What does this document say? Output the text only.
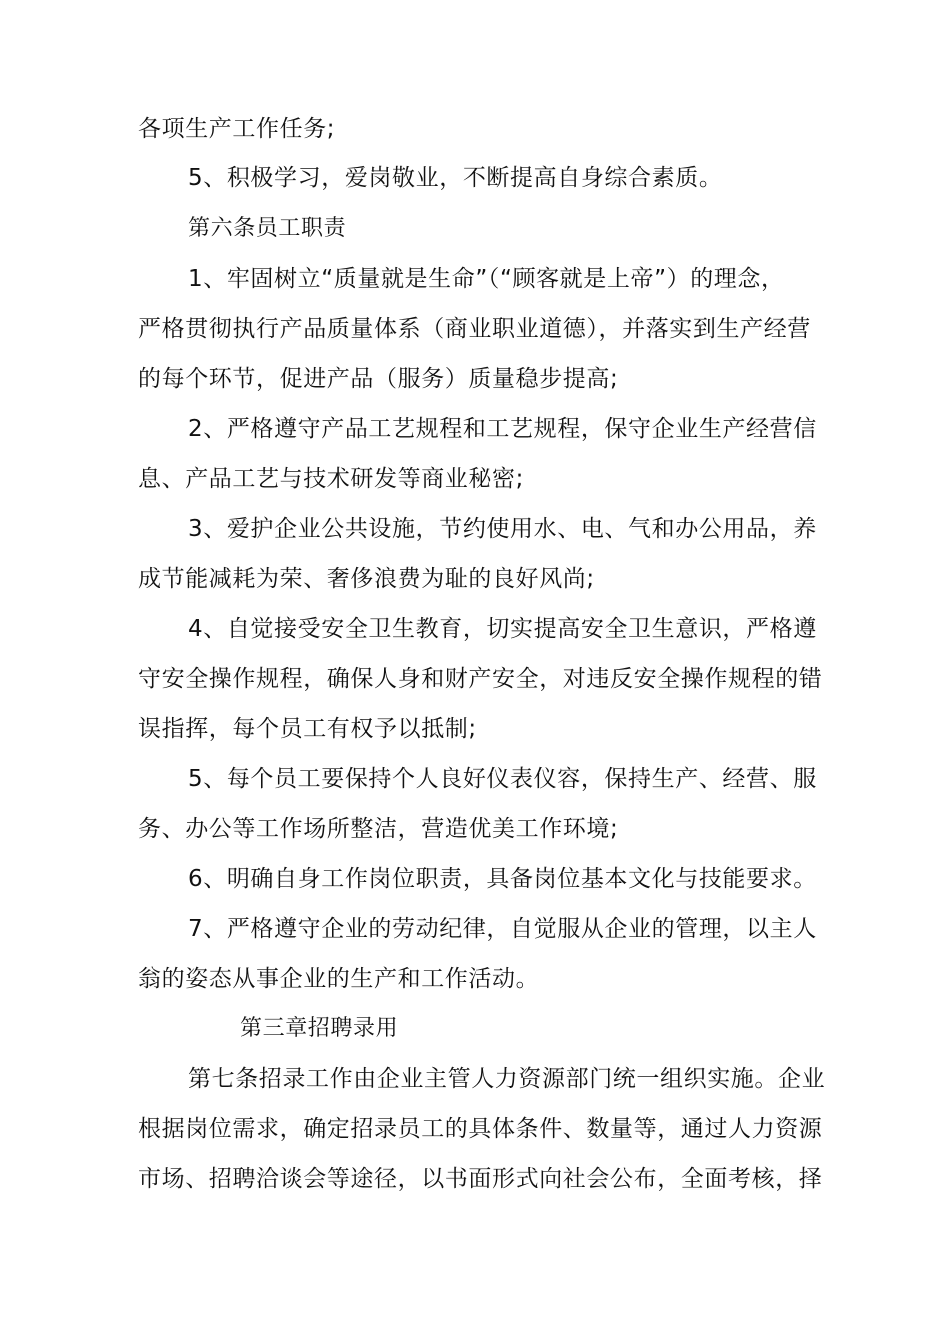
各项生产工作任务;
5、积极学习，爱岗敬业，不断提高自身综合素质。
第六条员工职责
1、牢固树立“质量就是生命”（“顾客就是上帝”）的理念，
严格贯彻执行产品质量体系（商业职业道德），并落实到生产经营
的每个环节，促进产品（服务）质量稳步提高;
2、严格遵守产品工艺规程和工艺规程，保守企业生产经营信
息、产品工艺与技术研发等商业秘密;
3、爱护企业公共设施，节约使用水、电、气和办公用品，养
成节能减耗为荣、奢侈浪费为耻的良好风尚;
4、自觉接受安全卫生教育，切实提高安全卫生意识，严格遵
守安全操作规程，确保人身和财产安全，对违反安全操作规程的错
误指挥，每个员工有权予以抵制;
5、每个员工要保持个人良好仪表仪容，保持生产、经营、服
务、办公等工作场所整洁，营造优美工作环境;
6、明确自身工作岗位职责，具备岗位基本文化与技能要求。
7、严格遵守企业的劳动纪律，自觉服从企业的管理，以主人
翁的姿态从事企业的生产和工作活动。
第三章招聘录用
第七条招录工作由企业主管人力资源部门统一组织实施。企业
根据岗位需求，确定招录员工的具体条件、数量等，通过人力资源
市场、招聘洽谈会等途径，以书面形式向社会公布，全面考核，择
